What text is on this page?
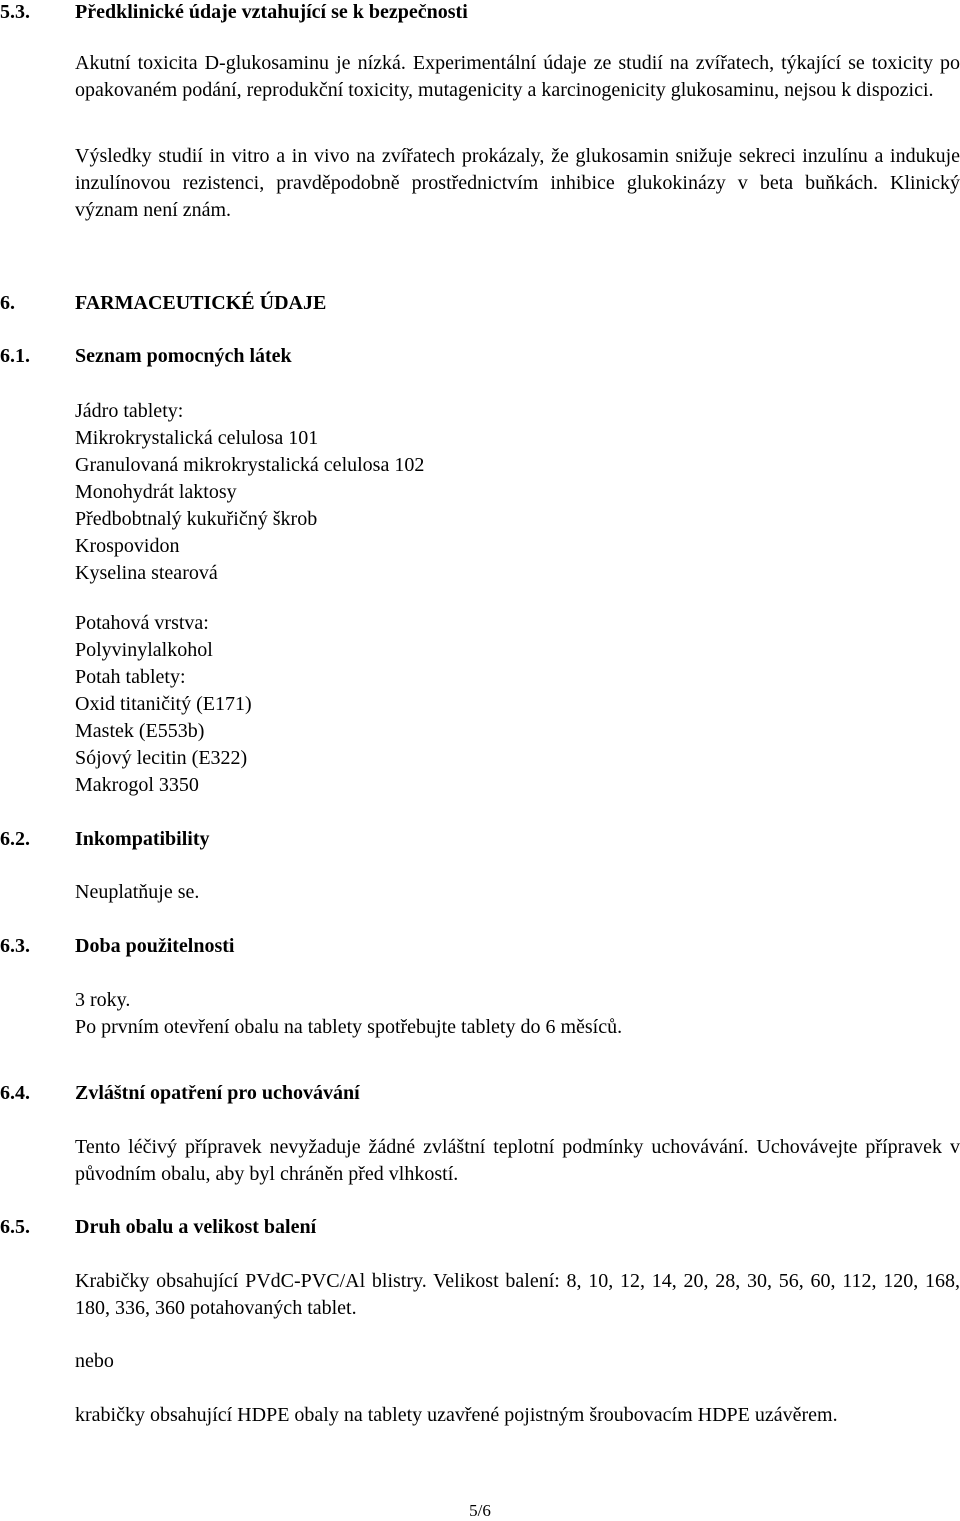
5.3. Předklinické údaje vztahující se k bezpečnosti

Akutní toxicita D-glukosaminu je nízká. Experimentální údaje ze studií na zvířatech, týkající se toxicity po opakovaném podání, reprodukční toxicity, mutagenicity a karcinogenicity glukosaminu, nejsou k dispozici.

Výsledky studií in vitro a in vivo na zvířatech prokázaly, že glukosamin snižuje sekreci inzulínu a indukuje inzulínovou rezistenci, pravděpodobně prostřednictvím inhibice glukokinázy v beta buňkách. Klinický význam není znám.

6.	FARMACEUTICKÉ ÚDAJE
6.1. Seznam pomocných látek
Jádro tablety:
Mikrokrystalická celulosa 101
Granulovaná mikrokrystalická celulosa 102
Monohydrát laktosy
Předbobtnalý kukuřičný škrob
Krospovidon
Kyselina stearová
Potahová vrstva:
Polyvinylalkohol
Potah tablety:
Oxid titaničitý (E171)
Mastek (E553b)
Sójový lecitin (E322)
Makrogol 3350
6.2. Inkompatibility

Neuplatňuje se.

6.3. Doba použitelnosti
3 roky.
Po prvním otevření obalu na tablety spotřebujte tablety do 6 měsíců.
6.4. Zvláštní opatření pro uchovávání

Tento léčivý přípravek nevyžaduje žádné zvláštní teplotní podmínky uchovávání. Uchovávejte přípravek v původním obalu, aby byl chráněn před vlhkostí.

6.5. Druh obalu a velikost balení

Krabičky obsahující PVdC-PVC/Al blistry. Velikost balení: 8, 10, 12, 14, 20, 28, 30, 56, 60, 112, 120, 168, 180, 336, 360 potahovaných tablet.

nebo

krabičky obsahující HDPE obaly na tablety uzavřené pojistným šroubovacím HDPE uzávěrem.

5/6
